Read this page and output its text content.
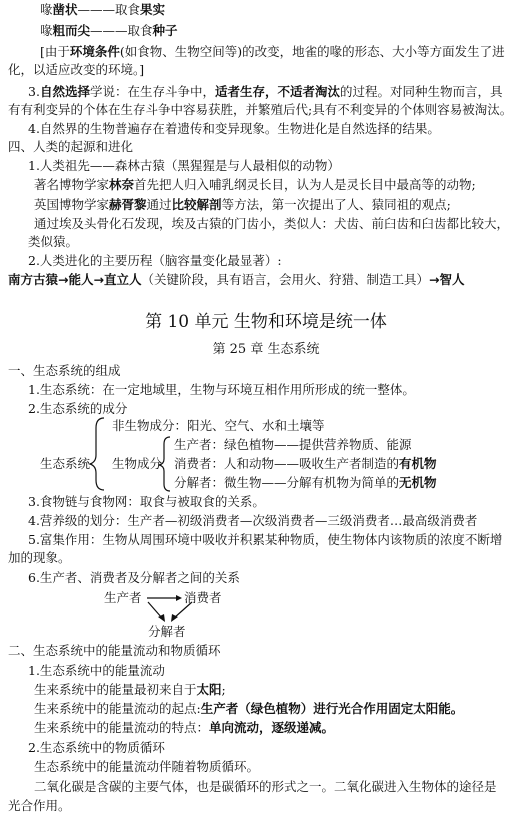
喙凿状———取食果实
喙粗而尖———取食种子
[由于环境条件(如食物、生物空间等)的改变，地雀的喙的形态、大小等方面发生了进
化，以适应改变的环境。]
3.自然选择学说：在生存斗争中，适者生存，不适者淘汰的过程。对同种生物而言，具
有有利变异的个体在生存斗争中容易获胜，并繁殖后代;具有不利变异的个体则容易被淘汰。
4.自然界的生物普遍存在着遗传和变异现象。生物进化是自然选择的结果。
四、人类的起源和进化
1.人类祖先——森林古猿（黑猩猩是与人最相似的动物）
著名博物学家林奈首先把人归入哺乳纲灵长目，认为人是灵长目中最高等的动物;
英国博物学家赫胥黎通过比较解剖等方法，第一次提出了人、猿同祖的观点;
通过埃及头骨化石发现，埃及古猿的门齿小，类似人：犬齿、前臼齿和臼齿都比较大，
类似猿。
2.人类进化的主要历程（脑容量变化最显著）:
南方古猿→能人→直立人（关键阶段，具有语言，会用火、狩猎、制造工具）→智人
第 10 单元 生物和环境是统一体
第 25 章 生态系统
一、生态系统的组成
1.生态系统：在一定地域里，生物与环境互相作用所形成的统一整体。
2.生态系统的成分
生态系统
非生物成分：阳光、空气、水和土壤等
生物成分
生产者：绿色植物——提供营养物质、能源
消费者：人和动物——吸收生产者制造的有机物
分解者：微生物——分解有机物为简单的无机物
3.食物链与食物网：取食与被取食的关系。
4.营养级的划分：生产者—初级消费者—次级消费者—三级消费者…最高级消费者
5.富集作用：生物从周围环境中吸收并积累某种物质，使生物体内该物质的浓度不断增
加的现象。
6.生产者、消费者及分解者之间的关系
生产者	消费者
分解者
二、生态系统中的能量流动和物质循环
1.生态系统中的能量流动
生来系统中的能量最初来自于太阳;
生来系统中的能量流动的起点:生产者（绿色植物）进行光合作用固定太阳能。
生来系统中的能量流动的特点：单向流动，逐级递减。
2.生态系统中的物质循环
生态系统中的能量流动伴随着物质循环。
二氧化碳是含碳的主要气体，也是碳循环的形式之一。二氧化碳进入生物体的途径是
光合作用。
